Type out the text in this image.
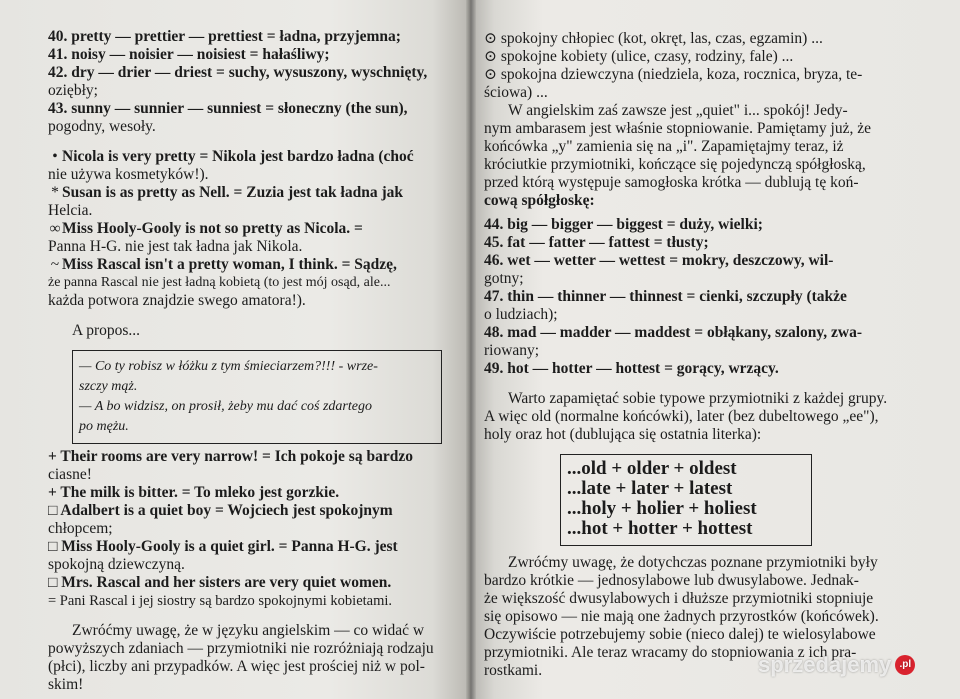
40. pretty — prettier — prettiest = ładna, przyjemna;

41. noisy — noisier — noisiest = hałaśliwy;

42. dry — drier — driest = suchy, wysuszony, wyschnięty,

oziębły;

43. sunny — sunnier — sunniest = słoneczny (the sun),

pogodny, wesoły.

• Nicola is very pretty = Nikola jest bardzo ładna (choć

nie używa kosmetyków!).

* Susan is as pretty as Nell. = Zuzia jest tak ładna jak

Helcia.

∞Miss Hooly-Gooly is not so pretty as Nicola. =

Panna H-G. nie jest tak ładna jak Nikola.

~ Miss Rascal isn't a pretty woman, I think. = Sądzę,

że panna Rascal nie jest ładną kobietą (to jest mój osąd, ale...

każda potwora znajdzie swego amatora!).

A propos...

— Co ty robisz w łóżku z tym śmieciarzem?!!! - wrze-

szczy mąż.

— A bo widzisz, on prosił, żeby mu dać coś zdartego

po mężu.

+ Their rooms are very narrow! = Ich pokoje są bardzo

ciasne!

+ The milk is bitter. = To mleko jest gorzkie.

□ Adalbert is a quiet boy = Wojciech jest spokojnym

chłopcem;

□ Miss Hooly-Gooly is a quiet girl. = Panna H-G. jest

spokojną dziewczyną.

□ Mrs. Rascal and her sisters are very quiet women.

= Pani Rascal i jej siostry są bardzo spokojnymi kobietami.

Zwróćmy uwagę, że w języku angielskim — co widać w

powyższych zdaniach — przymiotniki nie rozróżniają rodzaju

(płci), liczby ani przypadków. A więc jest prościej niż w pol-

skim!

⊙ spokojny chłopiec (kot, okręt, las, czas, egzamin) ...

⊙ spokojne kobiety (ulice, czasy, rodziny, fale) ...

⊙ spokojna dziewczyna (niedziela, koza, rocznica, bryza, te-

ściowa) ...

W angielskim zaś zawsze jest „quiet" i... spokój! Jedy-

nym ambarasem jest właśnie stopniowanie. Pamiętamy już, że

końcówka „y" zamienia się na „i". Zapamiętajmy teraz, iż

króciutkie przymiotniki, kończące się pojedynczą spółgłoską,

przed którą występuje samogłoska krótka — dublują tę koń-

cową spółgłoskę:

44. big — bigger — biggest = duży, wielki;

45. fat — fatter — fattest = tłusty;

46. wet — wetter — wettest = mokry, deszczowy, wil-

gotny;

47. thin — thinner — thinnest = cienki, szczupły (także

o ludziach);

48. mad — madder — maddest = obłąkany, szalony, zwa-

riowany;

49. hot — hotter — hottest = gorący, wrzący.

Warto zapamiętać sobie typowe przymiotniki z każdej grupy.

A więc old (normalne końcówki), later (bez dubeltowego „ee"),

holy oraz hot (dublująca się ostatnia literka):

...old + older + oldest

...late + later + latest

...holy + holier + holiest

...hot + hotter + hottest

Zwróćmy uwagę, że dotychczas poznane przymiotniki były

bardzo krótkie — jednosylabowe lub dwusylabowe. Jednak-

że większość dwusylabowych i dłuższe przymiotniki stopniuje

się opisowo — nie mają one żadnych przyrostków (końcówek).

Oczywiście potrzebujemy sobie (nieco dalej) te wielosylabowe

przymiotniki. Ale teraz wracamy do stopniowania z ich pra-

rostkami.	sprzedajemy .pl
